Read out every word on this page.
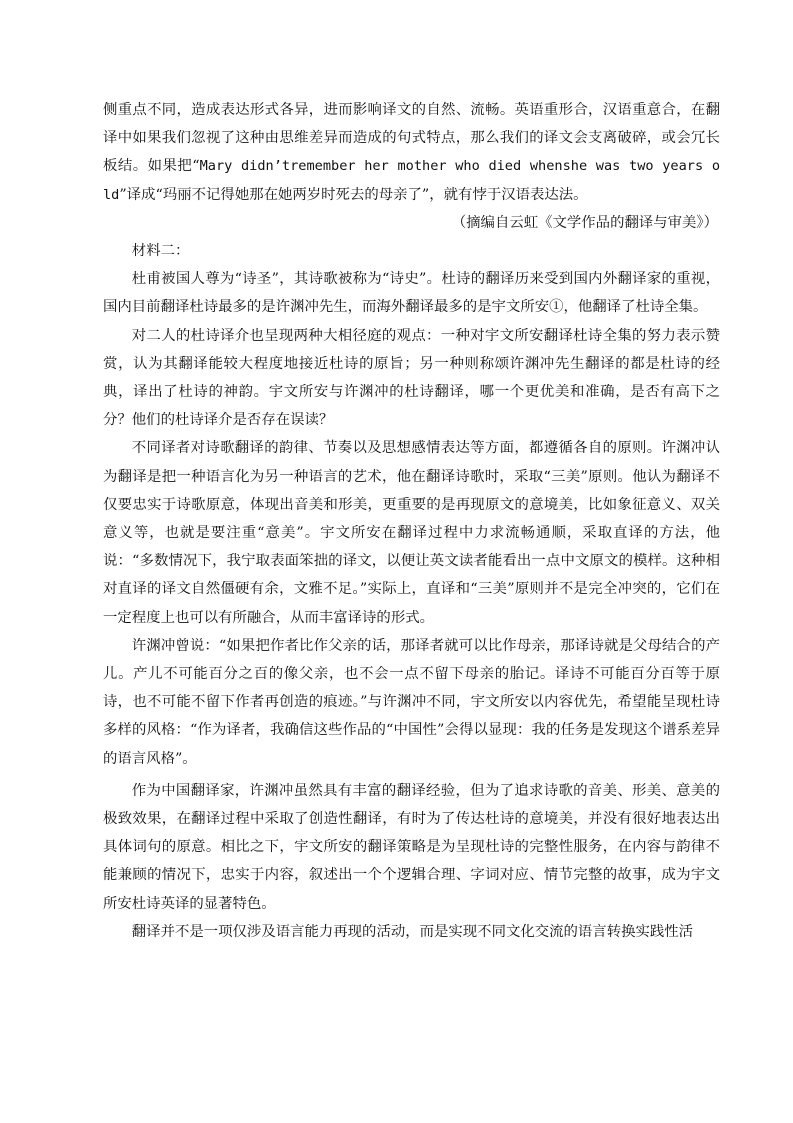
侧重点不同，造成表达形式各异，进而影响译文的自然、流畅。英语重形合，汉语重意合，在翻译中如果我们忽视了这种由思维差异而造成的句式特点，那么我们的译文会支离破碎，或会冗长板结。如果把“Mary didn’tremember her mother who died whenshe was two years old”译成“玛丽不记得她那在她两岁时死去的母亲了”，就有悖于汉语表达法。

（摘编自云虹《文学作品的翻译与审美》）

材料二：

杜甫被国人尊为“诗圣”，其诗歌被称为“诗史”。杜诗的翻译历来受到国内外翻译家的重视，国内目前翻译杜诗最多的是许渊冲先生，而海外翻译最多的是宇文所安①，他翻译了杜诗全集。

对二人的杜诗译介也呈现两种大相径庭的观点：一种对宇文所安翻译杜诗全集的努力表示赞赏，认为其翻译能较大程度地接近杜诗的原旨；另一种则称颂许渊冲先生翻译的都是杜诗的经典，译出了杜诗的神韵。宇文所安与许渊冲的杜诗翻译，哪一个更优美和准确，是否有高下之分？他们的杜诗译介是否存在误读？

不同译者对诗歌翻译的韵律、节奏以及思想感情表达等方面，都遵循各自的原则。许渊冲认为翻译是把一种语言化为另一种语言的艺术，他在翻译诗歌时，采取“三美”原则。他认为翻译不仅要忠实于诗歌原意，体现出音美和形美，更重要的是再现原文的意境美，比如象征意义、双关意义等，也就是要注重“意美”。宇文所安在翻译过程中力求流畅通顺，采取直译的方法，他说：“多数情况下，我宁取表面笨拙的译文，以便让英文读者能看出一点中文原文的模样。这种相对直译的译文自然僵硬有余，文雅不足。”实际上，直译和“三美”原则并不是完全冲突的，它们在一定程度上也可以有所融合，从而丰富译诗的形式。

许渊冲曾说：“如果把作者比作父亲的话，那译者就可以比作母亲，那译诗就是父母结合的产儿。产儿不可能百分之百的像父亲，也不会一点不留下母亲的胎记。译诗不可能百分百等于原诗，也不可能不留下作者再创造的痕迹。”与许渊冲不同，宇文所安以内容优先，希望能呈现杜诗多样的风格：“作为译者，我确信这些作品的“中国性”会得以显现：我的任务是发现这个谱系差异的语言风格”。

作为中国翻译家，许渊冲虽然具有丰富的翻译经验，但为了追求诗歌的音美、形美、意美的极致效果，在翻译过程中采取了创造性翻译，有时为了传达杜诗的意境美，并没有很好地表达出具体词句的原意。相比之下，宇文所安的翻译策略是为呈现杜诗的完整性服务，在内容与韵律不能兼顾的情况下，忠实于内容，叙述出一个个逻辑合理、字词对应、情节完整的故事，成为宇文所安杜诗英译的显著特色。

翻译并不是一项仅涉及语言能力再现的活动，而是实现不同文化交流的语言转换实践性活
